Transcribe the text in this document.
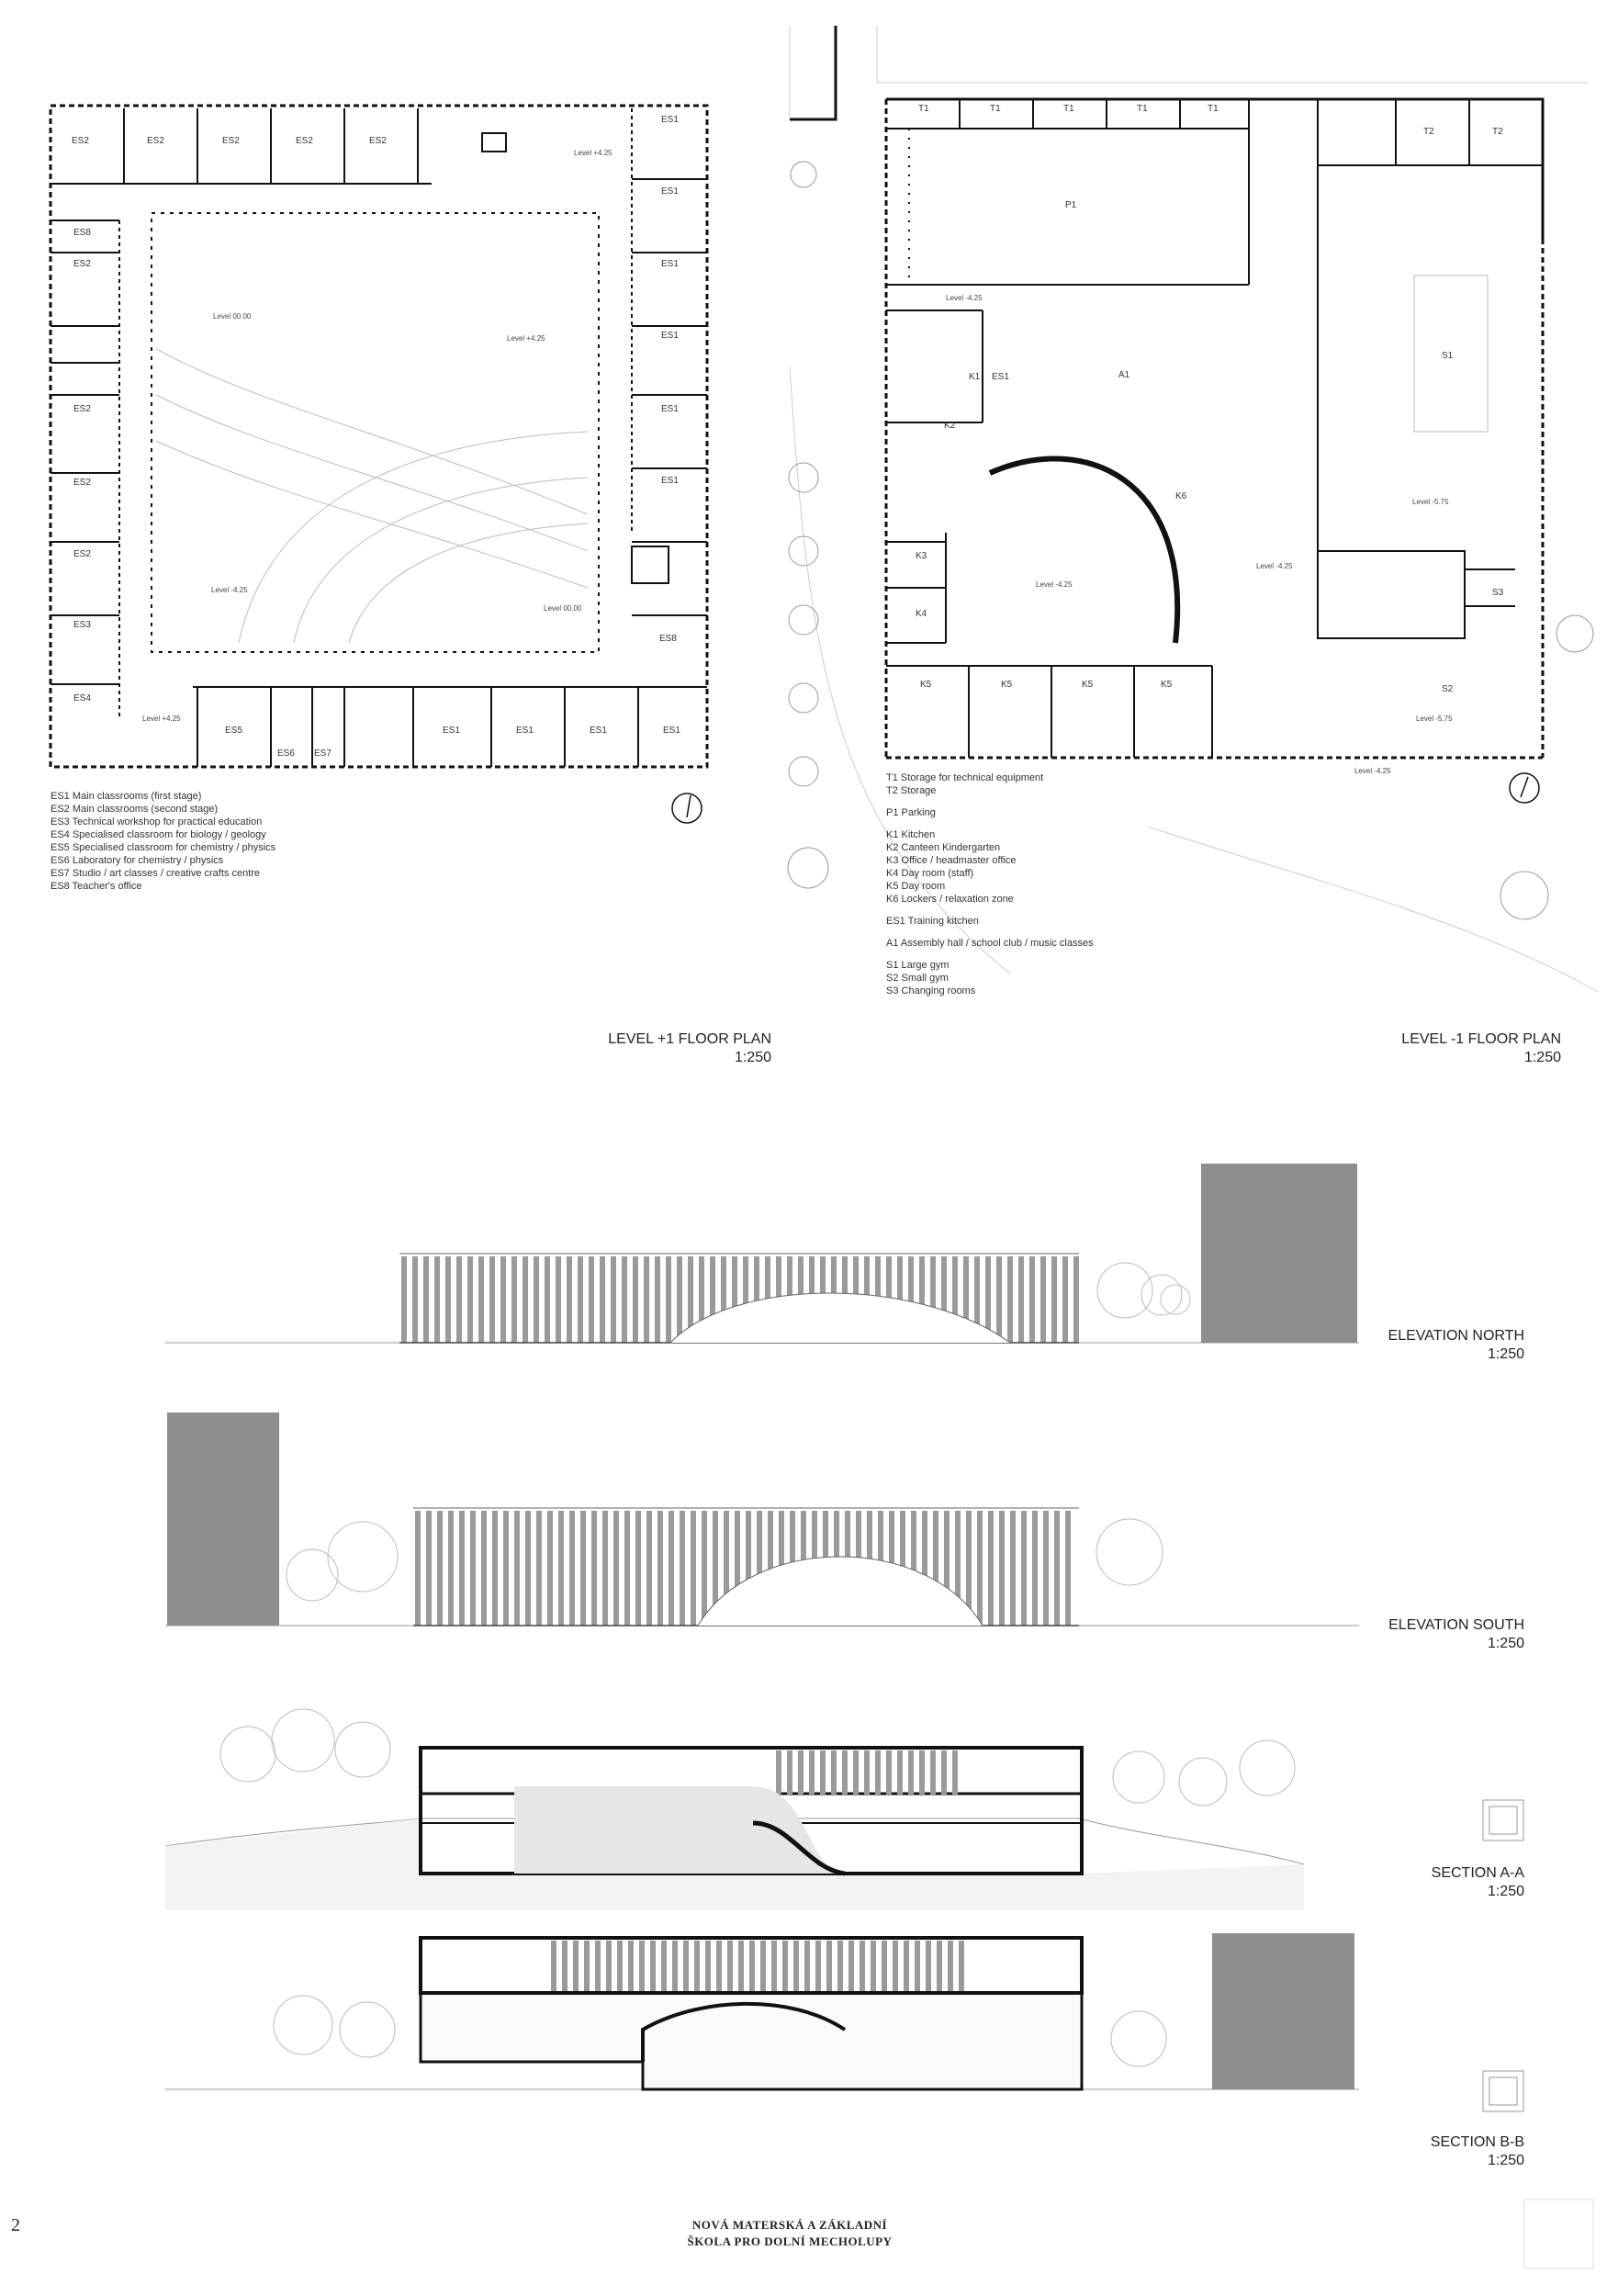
ES2	ES2	ES2	ES2	ES2
ES8
ES2
ES2
ES2
ES2
ES3
ES4
ES1
ES1
ES1
ES1
ES1
ES1
ES8
ES5
ES6 ES7
ES1	ES1	ES1	ES1
Level +4.25
Level 00.00
Level +4.25
Level -4.25
Level 00.00
Level +4.25
ES1 Main classrooms (first stage)
ES2 Main classrooms (second stage)
ES3 Technical workshop for practical education
ES4 Specialised classroom for biology / geology
ES5 Specialised classroom for chemistry / physics
ES6 Laboratory for chemistry / physics
ES7 Studio / art classes / creative crafts centre
ES8 Teacher's office
LEVEL +1 FLOOR PLAN
1:250
T1	T1	T1	T1	T1
T2	T2
P1
K1 ES1	A1
K2
K6
K3
K4
K5	K5	K5	K5
S1
S3
S2
Level -4.25
Level -4.25
Level -4.25
Level -5.75
Level -5.75
Level -4.25
T1 Storage for technical equipment
T2 Storage
P1 Parking
K1 Kitchen
K2 Canteen Kindergarten
K3 Office / headmaster office
K4 Day room (staff)
K5 Day room
K6 Lockers / relaxation zone
ES1 Training kitchen
A1 Assembly hall / school club / music classes
S1 Large gym
S2 Small gym
S3 Changing rooms
LEVEL -1 FLOOR PLAN
1:250
ELEVATION NORTH
1:250
ELEVATION SOUTH
1:250
SECTION A-A
1:250
SECTION B-B
1:250
2	NOVÁ MATERSKÁ A ZÁKLADNÍ
ŠKOLA PRO DOLNÍ MECHOLUPY
